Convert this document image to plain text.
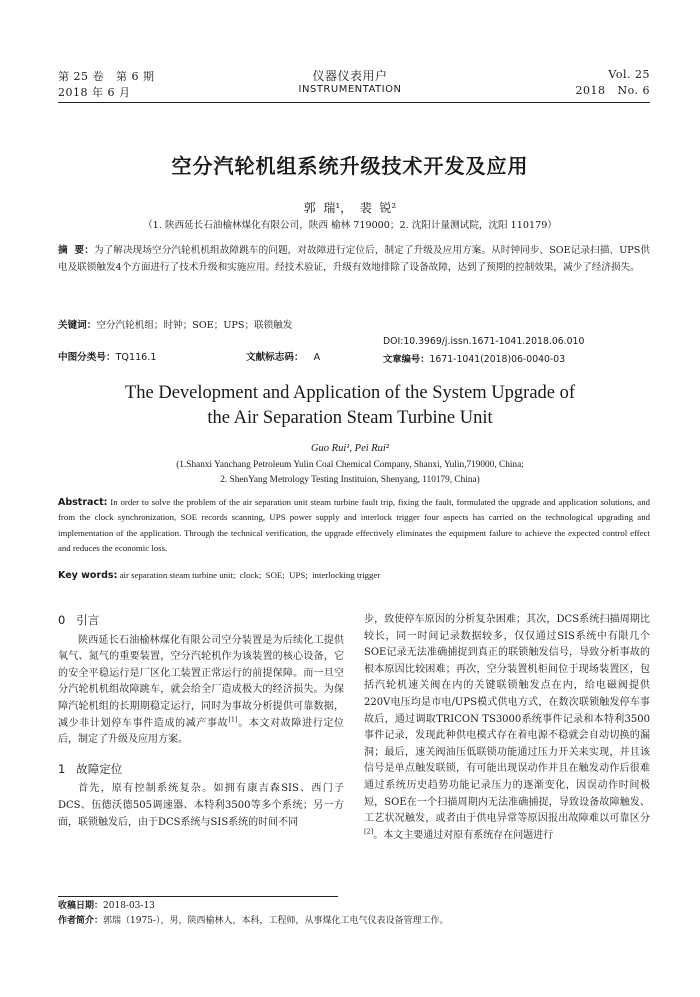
第 25 卷   第 6 期
2018 年 6 月
仪器仪表用户
INSTRUMENTATION
Vol. 25
2018   No. 6
空分汽轮机组系统升级技术开发及应用
郭  瑞¹，  裴  锐²
（1. 陕西延长石油榆林煤化有限公司，陕西 榆林 719000；2. 沈阳计量测试院，沈阳 110179）
摘  要：为了解决现场空分汽轮机机组故障跳车的问题，对故障进行定位后，制定了升级及应用方案。从时钟同步、SOE记录扫描、UPS供电及联锁触发4个方面进行了技术升级和实施应用。经技术验证，升级有效地排除了设备故障，达到了预期的控制效果，减少了经济损失。
关键词：空分汽轮机组；时钟；SOE；UPS；联锁触发
中图分类号：TQ116.1	文献标志码： A
DOI:10.3969/j.issn.1671-1041.2018.06.010
文章编号：1671-1041(2018)06-0040-03
The Development and Application of the System Upgrade of
the Air Separation Steam Turbine Unit
Guo Rui¹, Pei Rui²
(1.Shanxi Yanchang Petroleum Yulin Coal Chemical Company, Shanxi, Yulin,719000, China;
2. ShenYang Metrology Testing Instituion, Shenyang, 110179, China)
Abstract: In order to solve the problem of the air separation unit steam turbine fault trip, fixing the fault, formulated the upgrade and application solutions, and from the clock synchronization, SOE records scanning, UPS power supply and interlock trigger four aspects has carried on the technological upgrading and implementation of the application. Through the technical verification, the upgrade effectively eliminates the equipment failure to achieve the expected control effect and reduces the economic loss.
Key words: air separation steam turbine unit;  clock;  SOE;  UPS;  interlocking trigger
0   引言

陕西延长石油榆林煤化有限公司空分装置是为后续化工提供氧气、氮气的重要装置，空分汽轮机作为该装置的核心设备，它的安全平稳运行是厂区化工装置正常运行的前提保障。而一旦空分汽轮机机组故障跳车，就会给全厂造成极大的经济损失。为保障汽轮机组的长期期稳定运行，同时为事故分析提供可靠数据，减少非计划停车事件造成的减产事故[1]。本文对故障进行定位后，制定了升级及应用方案。

1   故障定位

首先，原有控制系统复杂。如拥有康吉森SIS、西门子DCS、伍德沃德505调速器、本特利3500等多个系统；另一方面，联锁触发后，由于DCS系统与SIS系统的时间不同

步，致使停车原因的分析复杂困难；其次，DCS系统扫描周期比较长，同一时间记录数据较多，仅仅通过SIS系统中有限几个SOE记录无法准确捕捉到真正的联锁触发信号，导致分析事故的根本原因比较困难；再次，空分装置机柜间位于现场装置区，包括汽轮机速关阀在内的关键联锁触发点在内，给电磁阀提供220V电压均是市电/UPS模式供电方式，在数次联锁触发停车事故后，通过调取TRICON TS3000系统事件记录和本特利3500事件记录，发现此种供电模式存在着电源不稳就会自动切换的漏洞；最后，速关阀油压低联锁功能通过压力开关来实现，并且该信号是单点触发联锁，有可能出现误动作并且在触发动作后很难通过系统历史趋势功能记录压力的逐渐变化，因误动作时间极短，SOE在一个扫描周期内无法准确捕捉，导致设备故障触发、工艺状况触发，或者由于供电异常等原因报出故障难以可靠区分[2]。本文主要通过对原有系统存在问题进行

收稿日期：2018-03-13
作者简介：郭瑞（1975-），男，陕西榆林人，本科，工程师，从事煤化工电气仪表设备管理工作。
